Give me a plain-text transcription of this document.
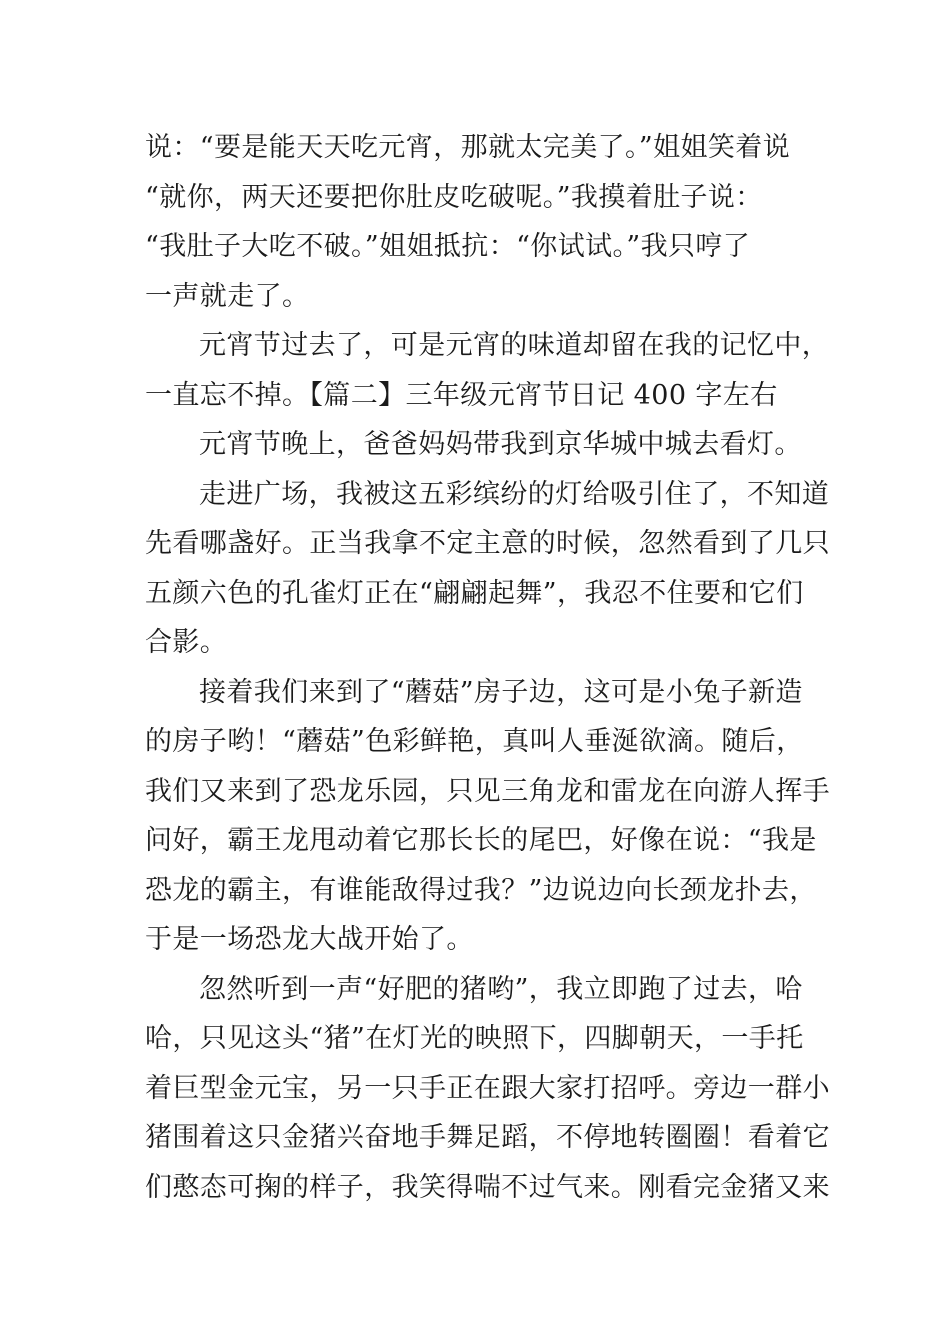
说：“要是能天天吃元宵，那就太完美了。”姐姐笑着说
“就你，两天还要把你肚皮吃破呢。”我摸着肚子说：
“我肚子大吃不破。”姐姐抵抗：“你试试。”我只哼了
一声就走了。
元宵节过去了，可是元宵的味道却留在我的记忆中，
一直忘不掉。【篇二】三年级元宵节日记 400 字左右
元宵节晚上，爸爸妈妈带我到京华城中城去看灯。
走进广场，我被这五彩缤纷的灯给吸引住了，不知道
先看哪盏好。正当我拿不定主意的时候，忽然看到了几只
五颜六色的孔雀灯正在“翩翩起舞”，我忍不住要和它们
合影。
接着我们来到了“蘑菇”房子边，这可是小兔子新造
的房子哟！“蘑菇”色彩鲜艳，真叫人垂涎欲滴。随后，
我们又来到了恐龙乐园，只见三角龙和雷龙在向游人挥手
问好，霸王龙甩动着它那长长的尾巴，好像在说：“我是
恐龙的霸主，有谁能敌得过我？”边说边向长颈龙扑去，
于是一场恐龙大战开始了。
忽然听到一声“好肥的猪哟”，我立即跑了过去，哈
哈，只见这头“猪”在灯光的映照下，四脚朝天，一手托
着巨型金元宝，另一只手正在跟大家打招呼。旁边一群小
猪围着这只金猪兴奋地手舞足蹈，不停地转圈圈！看着它
们憨态可掬的样子，我笑得喘不过气来。刚看完金猪又来
